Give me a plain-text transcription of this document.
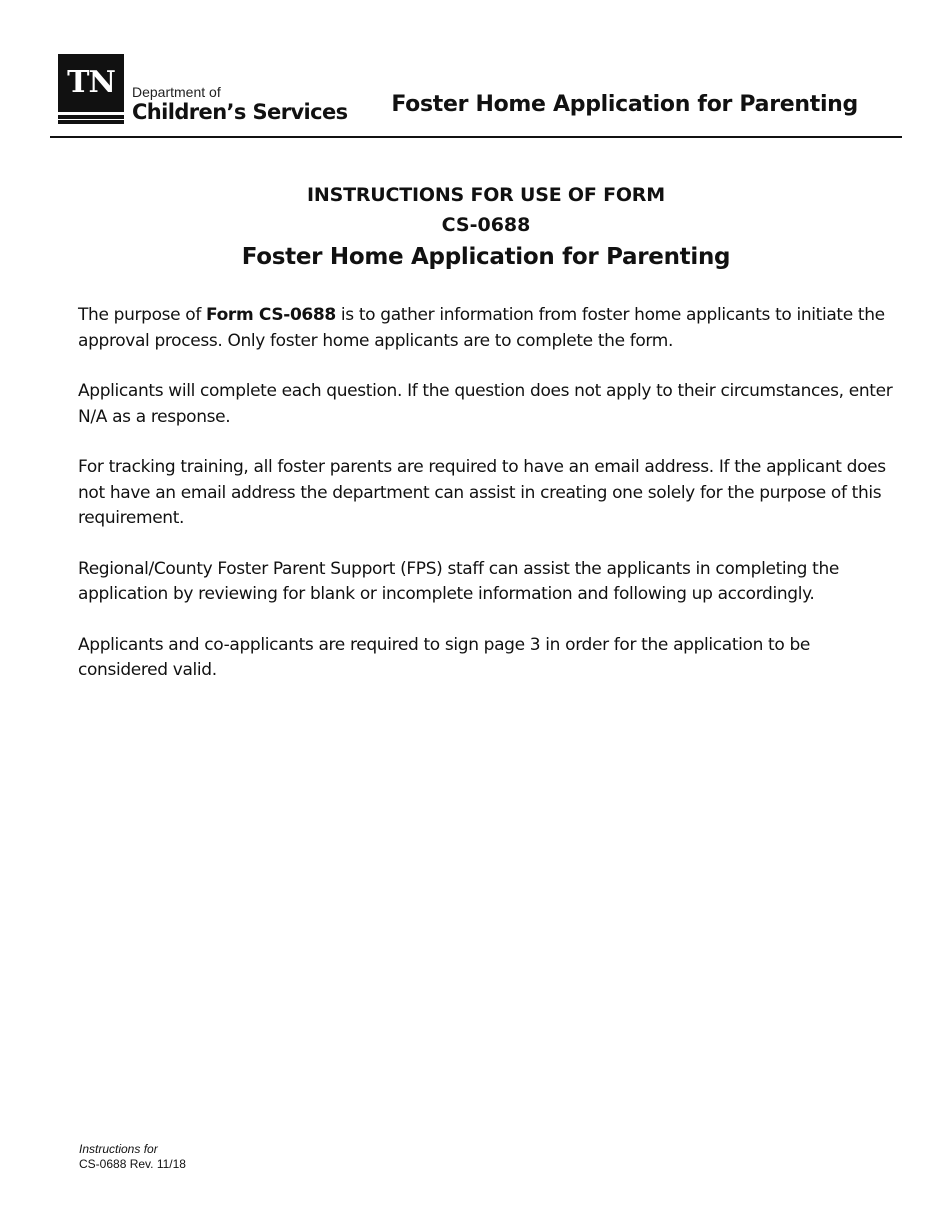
TN	Department of
Children’s Services Foster Home Application for Parenting
INSTRUCTIONS FOR USE OF FORM
CS-0688
Foster Home Application for Parenting

The purpose of Form CS-0688 is to gather information from foster home applicants to initiate the approval process. Only foster home applicants are to complete the form.

Applicants will complete each question. If the question does not apply to their circumstances, enter N/A as a response.

For tracking training, all foster parents are required to have an email address. If the applicant does not have an email address the department can assist in creating one solely for the purpose of this requirement.

Regional/County Foster Parent Support (FPS) staff can assist the applicants in completing the application by reviewing for blank or incomplete information and following up accordingly.

Applicants and co-applicants are required to sign page 3 in order for the application to be considered valid.

Instructions for
CS-0688 Rev. 11/18
